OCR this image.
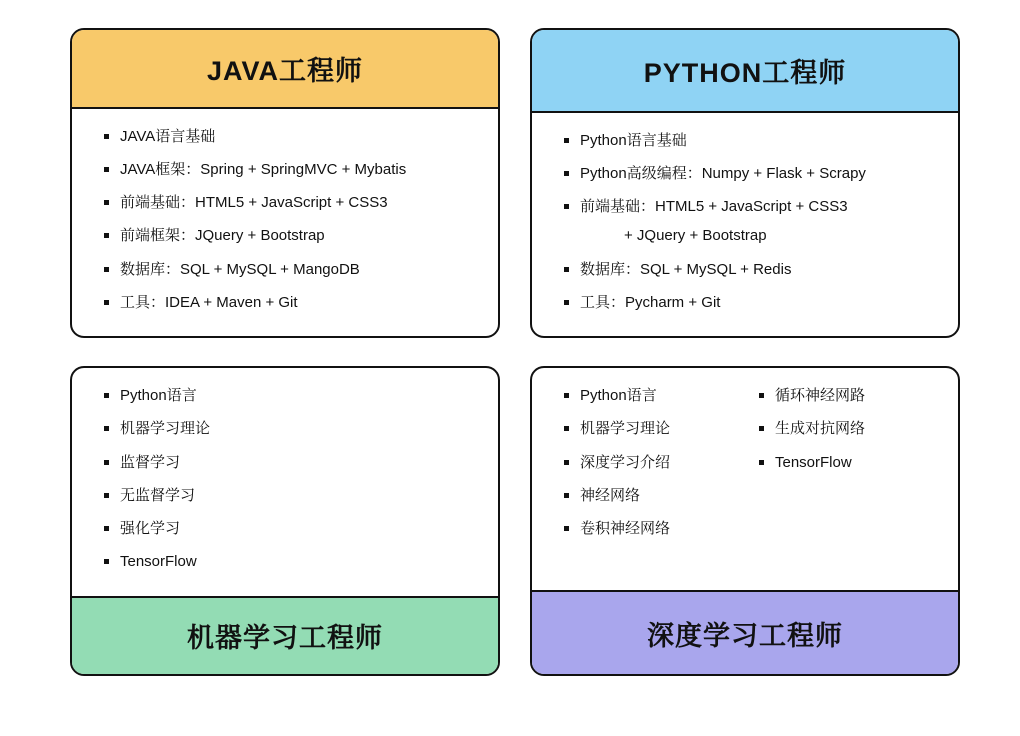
JAVA工程师
JAVA语言基础
JAVA框架：Spring + SpringMVC + Mybatis
前端基础：HTML5 + JavaScript + CSS3
前端框架：JQuery + Bootstrap
数据库：SQL + MySQL + MangoDB
工具：IDEA + Maven + Git
PYTHON工程师
Python语言基础
Python高级编程：Numpy + Flask + Scrapy
前端基础：HTML5 + JavaScript + CSS3
+ JQuery + Bootstrap
数据库：SQL + MySQL + Redis
工具：Pycharm + Git
Python语言
机器学习理论
监督学习
无监督学习
强化学习
TensorFlow
机器学习工程师
Python语言
机器学习理论
深度学习介绍
神经网络
卷积神经网络
循环神经网路
生成对抗网络
TensorFlow
深度学习工程师
